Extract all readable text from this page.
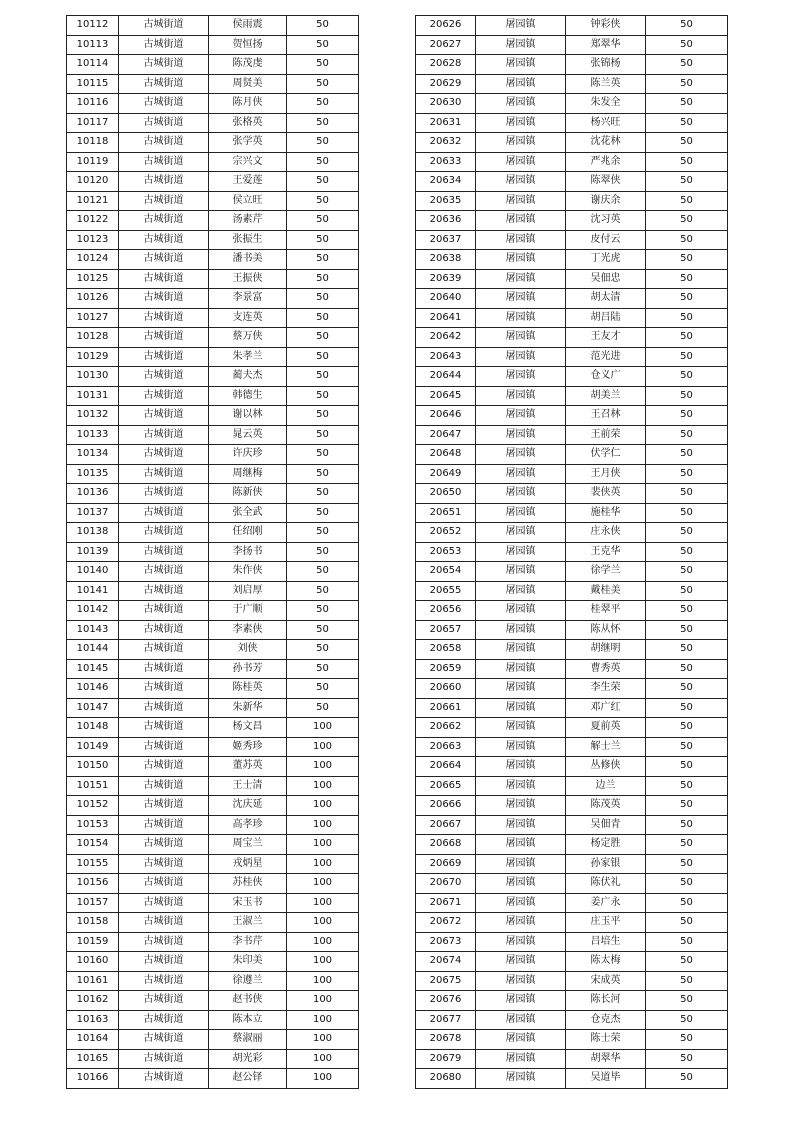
10112	古城街道	侯雨震	50
10113	古城街道	贺恒扬	50
10114	古城街道	陈茂虔	50
10115	古城街道	周贤美	50
10116	古城街道	陈月侠	50
10117	古城街道	张格英	50
10118	古城街道	张学英	50
10119	古城街道	宗兴文	50
10120	古城街道	王爱莲	50
10121	古城街道	侯立旺	50
10122	古城街道	汤素芹	50
10123	古城街道	张振生	50
10124	古城街道	潘书美	50
10125	古城街道	王振侠	50
10126	古城街道	李景富	50
10127	古城街道	支连英	50
10128	古城街道	蔡万侠	50
10129	古城街道	朱孝兰	50
10130	古城街道	蔺夫杰	50
10131	古城街道	韩德生	50
10132	古城街道	谢以林	50
10133	古城街道	晁云英	50
10134	古城街道	许庆珍	50
10135	古城街道	周继梅	50
10136	古城街道	陈新侠	50
10137	古城街道	张全武	50
10138	古城街道	任绍刚	50
10139	古城街道	李扬书	50
10140	古城街道	朱作侠	50
10141	古城街道	刘启厚	50
10142	古城街道	于广顺	50
10143	古城街道	李素侠	50
10144	古城街道	刘侠	50
10145	古城街道	孙书芳	50
10146	古城街道	陈桂英	50
10147	古城街道	朱新华	50
10148	古城街道	杨文昌	100
10149	古城街道	姬秀珍	100
10150	古城街道	董苏英	100
10151	古城街道	王士清	100
10152	古城街道	沈庆延	100
10153	古城街道	高孝珍	100
10154	古城街道	周宝兰	100
10155	古城街道	戎炳星	100
10156	古城街道	苏桂侠	100
10157	古城街道	宋玉书	100
10158	古城街道	王淑兰	100
10159	古城街道	李书芹	100
10160	古城街道	朱印美	100
10161	古城街道	徐遵兰	100
10162	古城街道	赵书侠	100
10163	古城街道	陈本立	100
10164	古城街道	蔡淑丽	100
10165	古城街道	胡光彩	100
10166	古城街道	赵公铎	100
20626	屠园镇	钟彩侠	50
20627	屠园镇	郑翠华	50
20628	屠园镇	张锦杨	50
20629	屠园镇	陈兰英	50
20630	屠园镇	朱发全	50
20631	屠园镇	杨兴旺	50
20632	屠园镇	沈花林	50
20633	屠园镇	严兆余	50
20634	屠园镇	陈翠侠	50
20635	屠园镇	谢庆余	50
20636	屠园镇	沈习英	50
20637	屠园镇	皮付云	50
20638	屠园镇	丁光虎	50
20639	屠园镇	吴佃忠	50
20640	屠园镇	胡太清	50
20641	屠园镇	胡吕陆	50
20642	屠园镇	王友才	50
20643	屠园镇	范光进	50
20644	屠园镇	仓义广	50
20645	屠园镇	胡美兰	50
20646	屠园镇	王召林	50
20647	屠园镇	王前荣	50
20648	屠园镇	伏学仁	50
20649	屠园镇	王月侠	50
20650	屠园镇	裴侠英	50
20651	屠园镇	施桂华	50
20652	屠园镇	庄永侠	50
20653	屠园镇	王克华	50
20654	屠园镇	徐学兰	50
20655	屠园镇	戴桂美	50
20656	屠园镇	桂翠平	50
20657	屠园镇	陈从怀	50
20658	屠园镇	胡继明	50
20659	屠园镇	曹秀英	50
20660	屠园镇	李生荣	50
20661	屠园镇	邓广红	50
20662	屠园镇	夏前英	50
20663	屠园镇	解士兰	50
20664	屠园镇	丛修侠	50
20665	屠园镇	边兰	50
20666	屠园镇	陈茂英	50
20667	屠园镇	吴佃青	50
20668	屠园镇	杨定胜	50
20669	屠园镇	孙家银	50
20670	屠园镇	陈伏礼	50
20671	屠园镇	姜广永	50
20672	屠园镇	庄玉平	50
20673	屠园镇	吕培生	50
20674	屠园镇	陈太梅	50
20675	屠园镇	宋成英	50
20676	屠园镇	陈长河	50
20677	屠园镇	仓克杰	50
20678	屠园镇	陈士荣	50
20679	屠园镇	胡翠华	50
20680	屠园镇	吴道毕	50
